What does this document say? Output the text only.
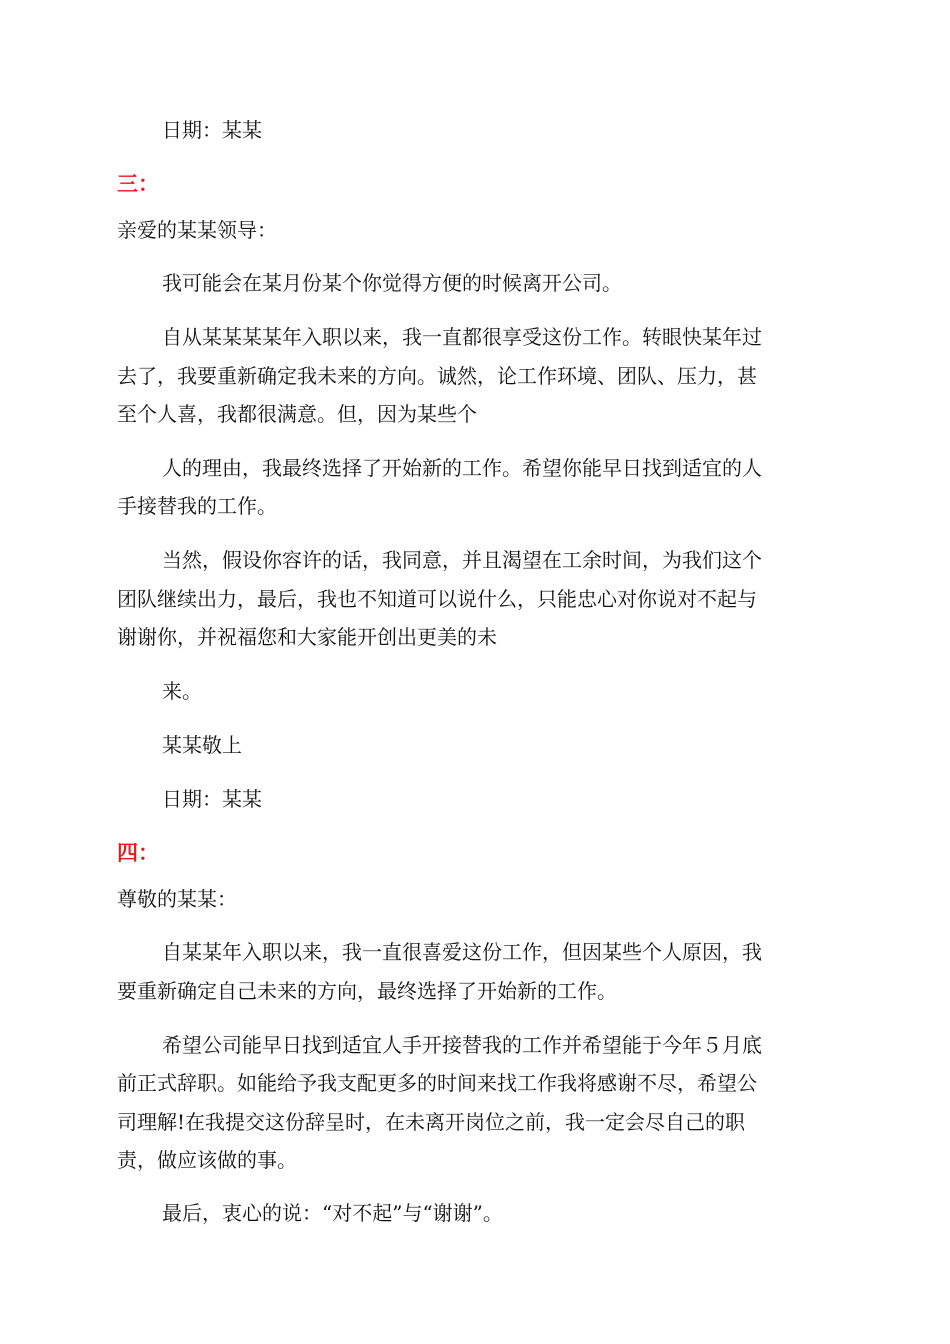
日期：某某
三：
亲爱的某某领导：
我可能会在某月份某个你觉得方便的时候离开公司。
自从某某某某年入职以来，我一直都很享受这份工作。转眼快某年过
去了，我要重新确定我未来的方向。诚然，论工作环境、团队、压力，甚
至个人喜，我都很满意。但，因为某些个
人的理由，我最终选择了开始新的工作。希望你能早日找到适宜的人
手接替我的工作。
当然，假设你容许的话，我同意，并且渴望在工余时间，为我们这个
团队继续出力，最后，我也不知道可以说什么，只能忠心对你说对不起与
谢谢你，并祝福您和大家能开创出更美的未
来。
某某敬上
日期：某某
四：
尊敬的某某：
自某某年入职以来，我一直很喜爱这份工作，但因某些个人原因，我
要重新确定自己未来的方向，最终选择了开始新的工作。
希望公司能早日找到适宜人手开接替我的工作并希望能于今年５月底
前正式辞职。如能给予我支配更多的时间来找工作我将感谢不尽，希望公
司理解!在我提交这份辞呈时，在未离开岗位之前，我一定会尽自己的职
责，做应该做的事。
最后，衷心的说：“对不起”与“谢谢”。
